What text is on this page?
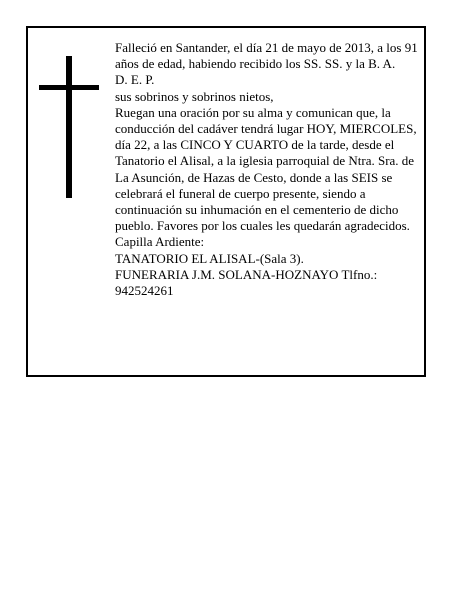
Falleció en Santander, el día 21 de mayo de 2013, a los 91 años de edad, habiendo recibido los SS. SS. y la B. A.

D. E. P.

sus sobrinos y sobrinos nietos,

Ruegan una oración por su alma y comunican que, la conducción del cadáver tendrá lugar HOY, MIERCOLES, día 22, a las CINCO Y CUARTO de la tarde, desde el Tanatorio el Alisal, a la iglesia parroquial de Ntra. Sra. de La Asunción, de Hazas de Cesto, donde a las SEIS se celebrará el funeral de cuerpo presente, siendo a continuación su inhumación en el cementerio de dicho pueblo. Favores por los cuales les quedarán agradecidos. Capilla Ardiente:

TANATORIO EL ALISAL-(Sala 3).

FUNERARIA J.M. SOLANA-HOZNAYO Tlfno.: 942524261
